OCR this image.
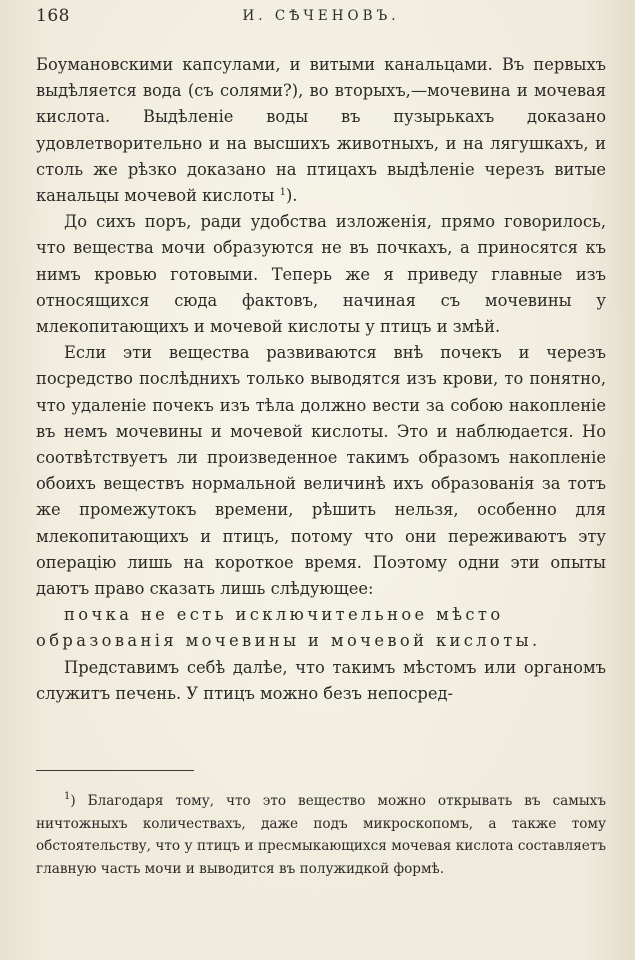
168	И. СѢЧЕНОВЪ.

Боумановскими капсулами, и витыми канальцами. Въ первыхъ выдѣляется вода (съ солями?), во вторыхъ,—мочевина и мочевая кислота. Выдѣленіе воды въ пузырькахъ доказано удовлетворительно и на высшихъ животныхъ, и на лягушкахъ, и столь же рѣзко доказано на птицахъ выдѣленіе черезъ витые канальцы мочевой кислоты $^1$).

До сихъ поръ, ради удобства изложенія, прямо говорилось, что вещества мочи образуются не въ почкахъ, а приносятся къ нимъ кровью готовыми. Теперь же я приведу главные изъ относящихся сюда фактовъ, начиная съ мочевины у млекопитающихъ и мочевой кислоты у птицъ и змѣй.

Если эти вещества развиваются внѣ почекъ и черезъ посредство послѣднихъ только выводятся изъ крови, то понятно, что удаленіе почекъ изъ тѣла должно вести за собою накопленіе въ немъ мочевины и мочевой кислоты. Это и наблюдается. Но соотвѣтствуетъ ли произведенное такимъ образомъ накопленіе обоихъ веществъ нормальной величинѣ ихъ образованія за тотъ же промежутокъ времени, рѣшить нельзя, особенно для млекопитающихъ и птицъ, потому что они переживаютъ эту операцію лишь на короткое время. Поэтому одни эти опыты даютъ право сказать лишь слѣдующее:

почка не есть исключительное мѣсто образованія мочевины и мочевой кислоты.

Представимъ себѣ далѣе, что такимъ мѣстомъ или органомъ служитъ печень. У птицъ можно безъ непосред-

$^1$) Благодаря тому, что это вещество можно открывать въ самыхъ ничтожныхъ количествахъ, даже подъ микроскопомъ, а также тому обстоятельству, что у птицъ и пресмыкающихся мочевая кислота составляетъ главную часть мочи и выводится въ полужидкой формѣ.
